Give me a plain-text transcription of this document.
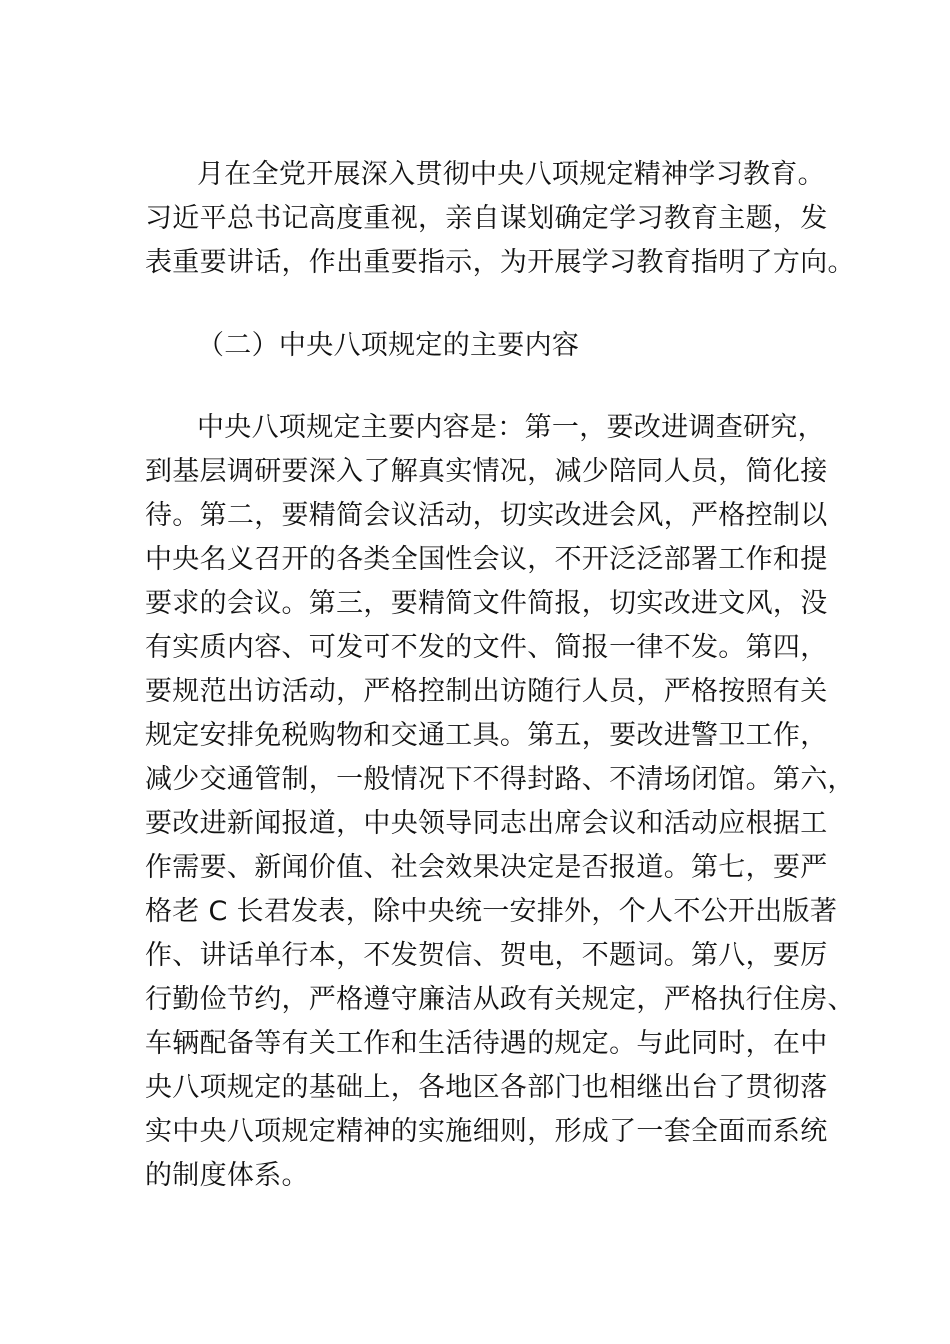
月在全党开展深入贯彻中央八项规定精神学习教育。
习近平总书记高度重视，亲自谋划确定学习教育主题，发
表重要讲话，作出重要指示，为开展学习教育指明了方向。
（二）中央八项规定的主要内容
中央八项规定主要内容是：第一，要改进调查研究，
到基层调研要深入了解真实情况，减少陪同人员，简化接
待。第二，要精简会议活动，切实改进会风，严格控制以
中央名义召开的各类全国性会议，不开泛泛部署工作和提
要求的会议。第三，要精简文件简报，切实改进文风，没
有实质内容、可发可不发的文件、简报一律不发。第四，
要规范出访活动，严格控制出访随行人员，严格按照有关
规定安排免税购物和交通工具。第五，要改进警卫工作，
减少交通管制，一般情况下不得封路、不清场闭馆。第六，
要改进新闻报道，中央领导同志出席会议和活动应根据工
作需要、新闻价值、社会效果决定是否报道。第七，要严
格老 C 长君发表，除中央统一安排外，个人不公开出版著
作、讲话单行本，不发贺信、贺电，不题词。第八，要厉
行勤俭节约，严格遵守廉洁从政有关规定，严格执行住房、
车辆配备等有关工作和生活待遇的规定。与此同时，在中
央八项规定的基础上，各地区各部门也相继出台了贯彻落
实中央八项规定精神的实施细则，形成了一套全面而系统
的制度体系。
